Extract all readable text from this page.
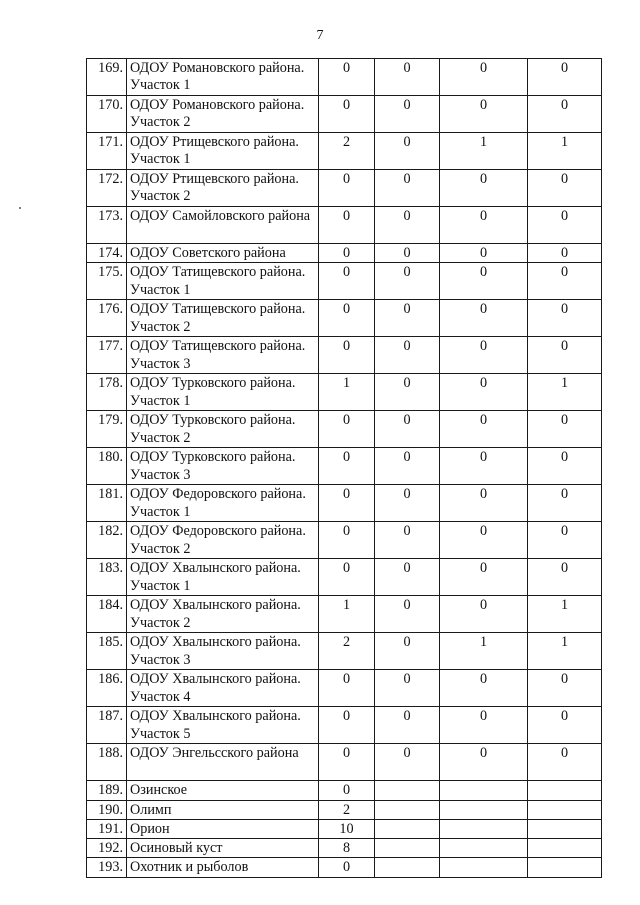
7
169.	ОДОУ Романовского района. Участок 1	0	0	0	0
170.	ОДОУ Романовского района. Участок 2	0	0	0	0
171.	ОДОУ Ртищевского района. Участок 1	2	0	1	1
172.	ОДОУ Ртищевского района. Участок 2	0	0	0	0
173.	ОДОУ Самойловского района	0	0	0	0
174.	ОДОУ Советского района	0	0	0	0
175.	ОДОУ Татищевского района. Участок 1	0	0	0	0
176.	ОДОУ Татищевского района. Участок 2	0	0	0	0
177.	ОДОУ Татищевского района. Участок 3	0	0	0	0
178.	ОДОУ Турковского района. Участок 1	1	0	0	1
179.	ОДОУ Турковского района. Участок 2	0	0	0	0
180.	ОДОУ Турковского района. Участок 3	0	0	0	0
181.	ОДОУ Федоровского района. Участок 1	0	0	0	0
182.	ОДОУ Федоровского района. Участок 2	0	0	0	0
183.	ОДОУ Хвалынского района. Участок 1	0	0	0	0
184.	ОДОУ Хвалынского района. Участок 2	1	0	0	1
185.	ОДОУ Хвалынского района. Участок 3	2	0	1	1
186.	ОДОУ Хвалынского района. Участок 4	0	0	0	0
187.	ОДОУ Хвалынского района. Участок 5	0	0	0	0
188.	ОДОУ Энгельсского района	0	0	0	0
189.	Озинское	0			
190.	Олимп	2			
191.	Орион	10			
192.	Осиновый куст	8			
193.	Охотник и рыболов	0			
